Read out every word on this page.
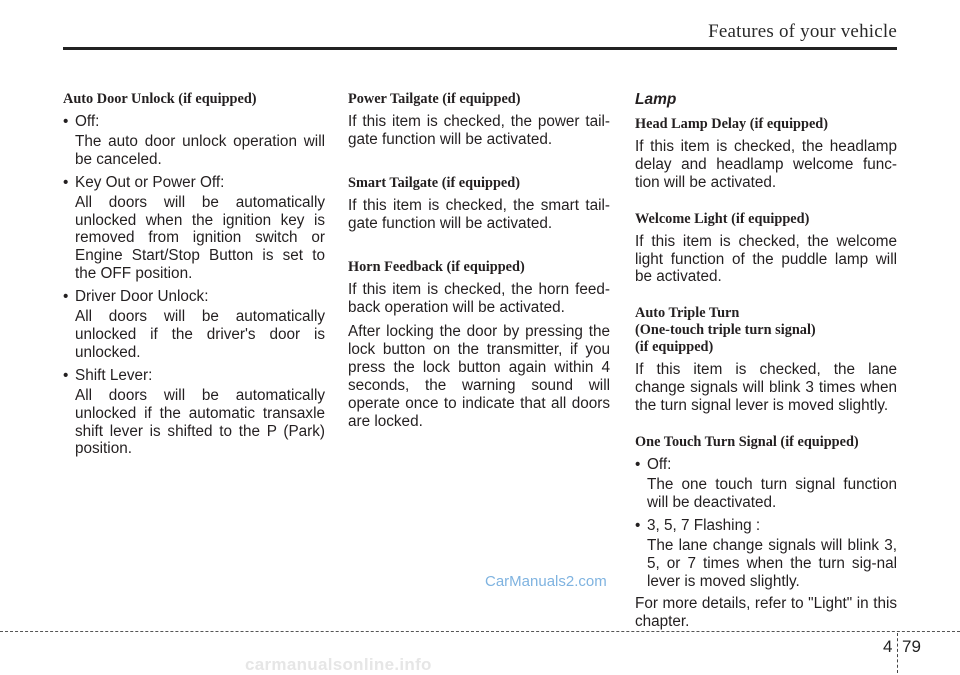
Features of your vehicle
Auto Door Unlock (if equipped)
• Off:
The auto door unlock operation will be canceled.
• Key Out or Power Off:
All doors will be automatically unlocked when the ignition key is removed from ignition switch or Engine Start/Stop Button is set to the OFF position.
• Driver Door Unlock:
All doors will be automatically unlocked if the driver's door is unlocked.
• Shift Lever:
All doors will be automatically unlocked if the automatic transaxle shift lever is shifted to the P (Park) position.
Power Tailgate (if equipped)
If this item is checked, the power tail-gate function will be activated.
Smart Tailgate (if equipped)
If this item is checked, the smart tail-gate function will be activated.
Horn Feedback (if equipped)
If this item is checked, the horn feed-back operation will be activated.
After locking the door by pressing the lock button on the transmitter, if you press the lock button again within 4 seconds, the warning sound will operate once to indicate that all doors are locked.
Lamp
Head Lamp Delay (if equipped)
If this item is checked, the headlamp delay and headlamp welcome func-tion will be activated.
Welcome Light (if equipped)
If this item is checked, the welcome light function of the puddle lamp will be activated.
Auto Triple Turn
(One-touch triple turn signal)
(if equipped)
If this item is checked, the lane change signals will blink 3 times when the turn signal lever is moved slightly.
One Touch Turn Signal (if equipped)
• Off:
The one touch turn signal function will be deactivated.
• 3, 5, 7 Flashing :
The lane change signals will blink 3, 5, or 7 times when the turn sig-nal lever is moved slightly.
For more details, refer to "Light" in this chapter.
CarManuals2.com
4 79
carmanualsonline.info
